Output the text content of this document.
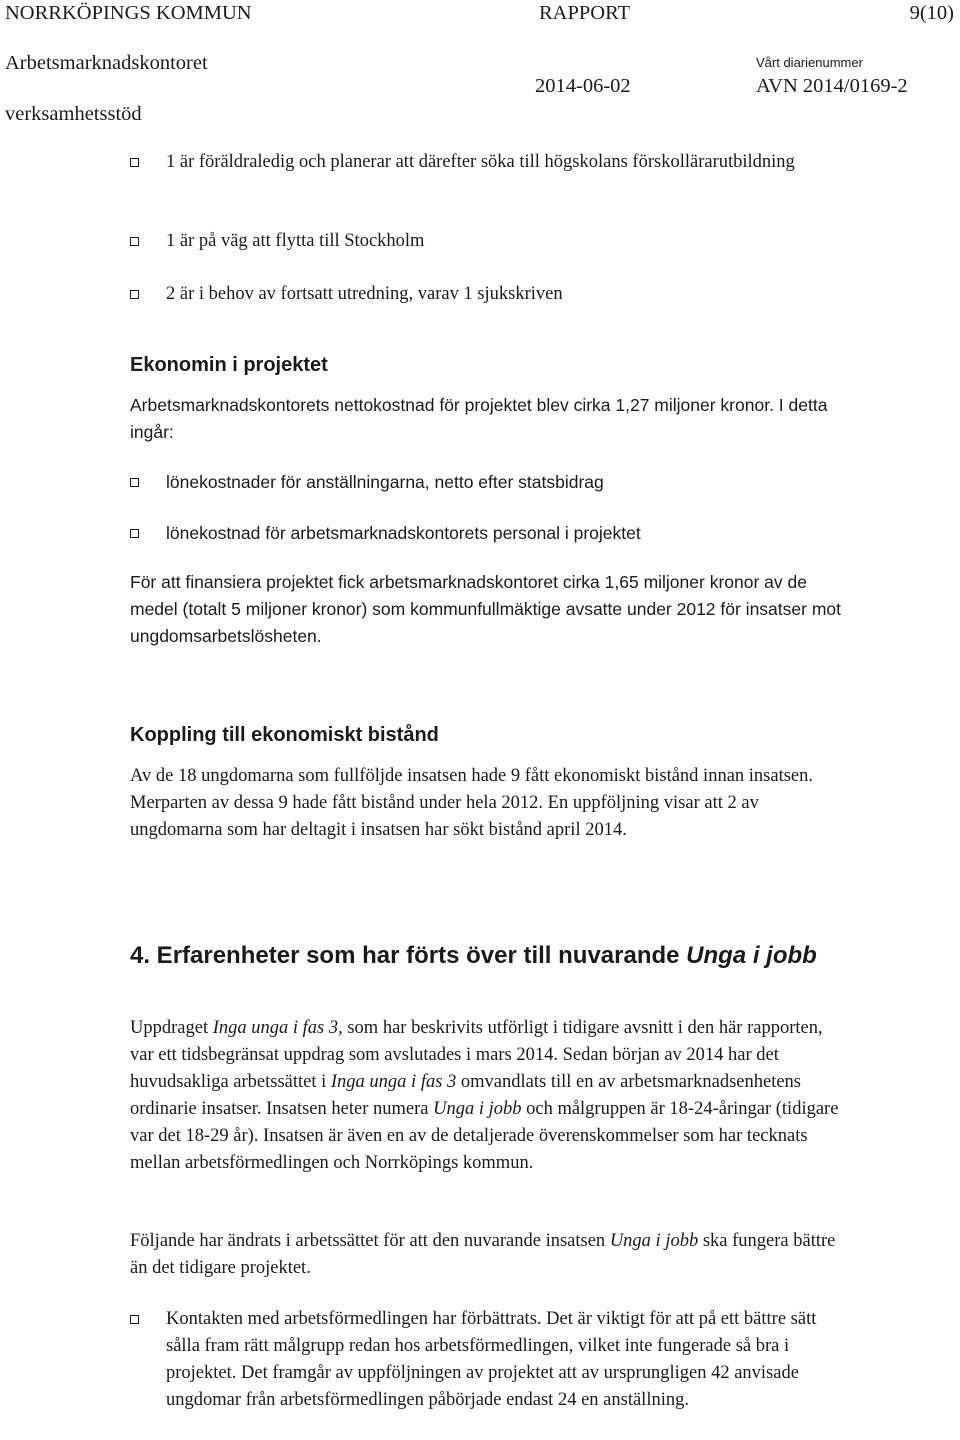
NORRKÖPINGS KOMMUN	RAPPORT	9(10)
Arbetsmarknadskontoret	Vårt diarienummer
2014-06-02	AVN 2014/0169-2
verksamhetsstöd
1 är föräldraledig och planerar att därefter söka till högskolans förskollärarutbildning
1 är på väg att flytta till Stockholm
2 är i behov av fortsatt utredning, varav 1 sjukskriven
Ekonomin i projektet

Arbetsmarknadskontorets nettokostnad för projektet blev cirka 1,27 miljoner kronor. I detta ingår:

lönekostnader för anställningarna, netto efter statsbidrag
lönekostnad för arbetsmarknadskontorets personal i projektet

För att finansiera projektet fick arbetsmarknadskontoret cirka 1,65 miljoner kronor av de medel (totalt 5 miljoner kronor) som kommunfullmäktige avsatte under 2012 för insatser mot ungdomsarbetslösheten.

Koppling till ekonomiskt bistånd

Av de 18 ungdomarna som fullföljde insatsen hade 9 fått ekonomiskt bistånd innan insatsen. Merparten av dessa 9 hade fått bistånd under hela 2012. En uppföljning visar att 2 av ungdomarna som har deltagit i insatsen har sökt bistånd april 2014.

4. Erfarenheter som har förts över till nuvarande Unga i jobb

Uppdraget Inga unga i fas 3, som har beskrivits utförligt i tidigare avsnitt i den här rapporten, var ett tidsbegränsat uppdrag som avslutades i mars 2014. Sedan början av 2014 har det huvudsakliga arbetssättet i Inga unga i fas 3 omvandlats till en av arbetsmarknadsenhetens ordinarie insatser. Insatsen heter numera Unga i jobb och målgruppen är 18-24-åringar (tidigare var det 18-29 år). Insatsen är även en av de detaljerade överenskommelser som har tecknats mellan arbetsförmedlingen och Norrköpings kommun.

Följande har ändrats i arbetssättet för att den nuvarande insatsen Unga i jobb ska fungera bättre än det tidigare projektet.

Kontakten med arbetsförmedlingen har förbättrats. Det är viktigt för att på ett bättre sätt sålla fram rätt målgrupp redan hos arbetsförmedlingen, vilket inte fungerade så bra i projektet. Det framgår av uppföljningen av projektet att av ursprungligen 42 anvisade ungdomar från arbetsförmedlingen påbörjade endast 24 en anställning.
